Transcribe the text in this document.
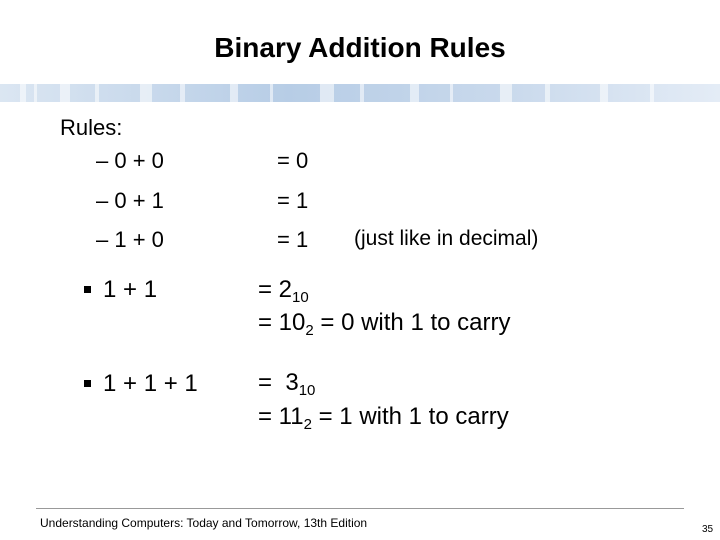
Binary Addition Rules
Rules:
– 0 + 0	= 0
– 0 + 1	= 1
– 1 + 0	= 1 (just like in decimal)
1 + 1	= $2_{10}$
= $10_2 = 0$ with 1 to carry
1 + 1 + 1	=  $3_{10}$
= $11_2 = 1$ with 1 to carry
Understanding Computers: Today and Tomorrow, 13th Edition	35
